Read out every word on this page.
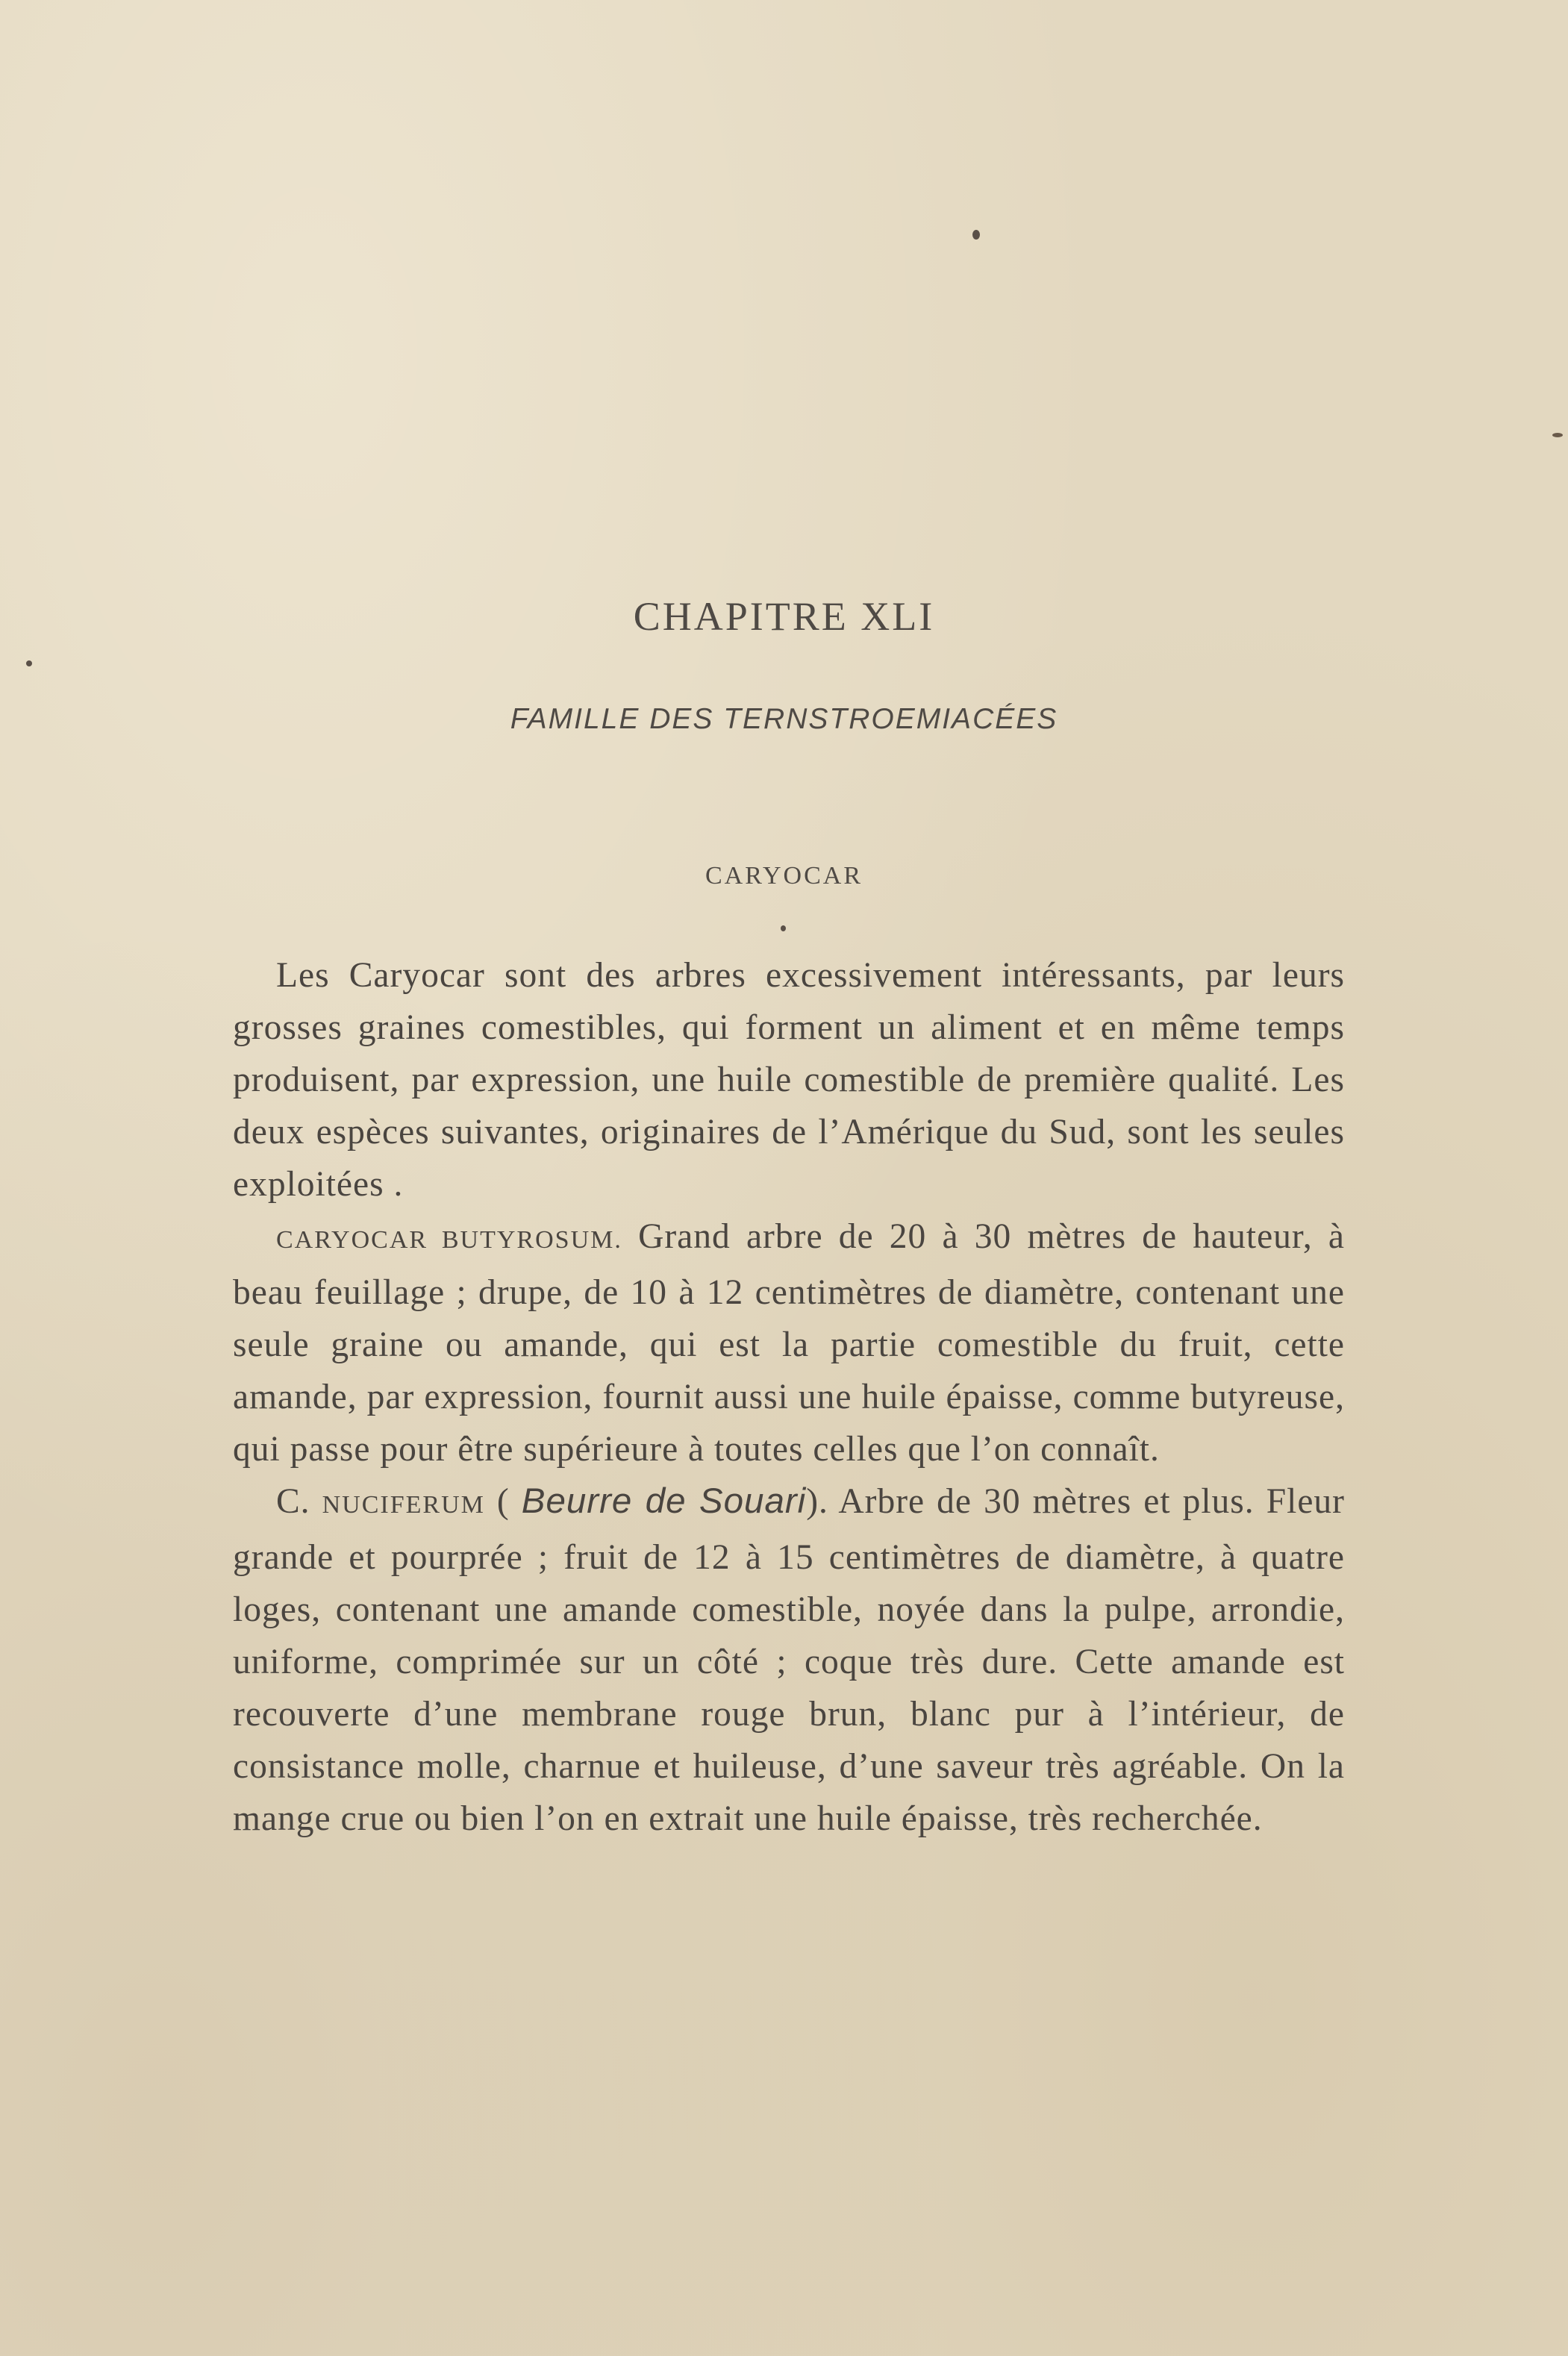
CHAPITRE XLI
FAMILLE DES TERNSTROEMIACÉES
CARYOCAR

Les Caryocar sont des arbres excessivement intéressants, par leurs grosses graines comestibles, qui forment un aliment et en même temps produisent, par expression, une huile comestible de première qualité. Les deux espèces suivantes, originaires de l’Amérique du Sud, sont les seules exploitées .

CARYOCAR BUTYROSUM. Grand arbre de 20 à 30 mètres de hauteur, à beau feuillage ; drupe, de 10 à 12 centimètres de diamètre, contenant une seule graine ou amande, qui est la partie comestible du fruit, cette amande, par expression, fournit aussi une huile épaisse, comme butyreuse, qui passe pour être supérieure à toutes celles que l’on connaît.

C. NUCIFERUM ( Beurre de Souari). Arbre de 30 mètres et plus. Fleur grande et pourprée ; fruit de 12 à 15 centimètres de diamètre, à quatre loges, contenant une amande comestible, noyée dans la pulpe, arrondie, uniforme, comprimée sur un côté ; coque très dure. Cette amande est recouverte d’une membrane rouge brun, blanc pur à l’intérieur, de consistance molle, charnue et huileuse, d’une saveur très agréable. On la mange crue ou bien l’on en extrait une huile épaisse, très recherchée.
